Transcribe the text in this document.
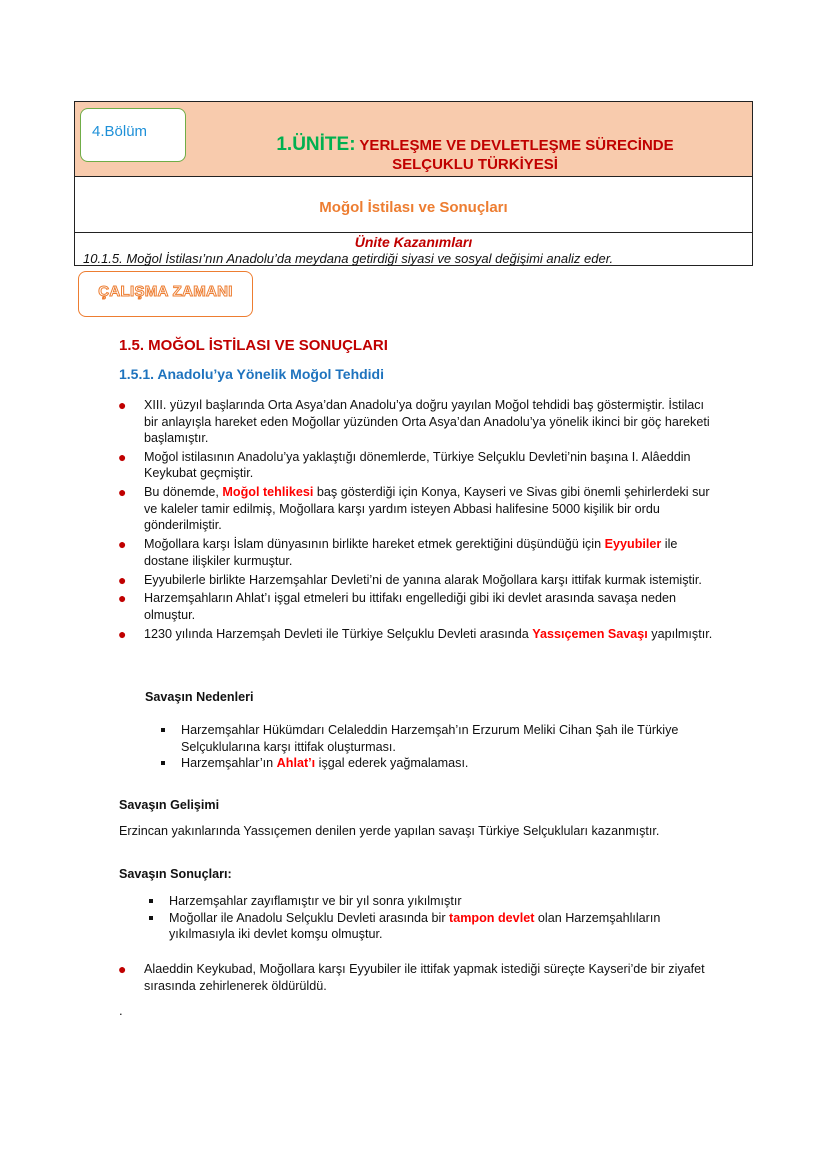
4.Bölüm
1.ÜNİTE: YERLEŞME VE DEVLETLEŞME SÜRECİNDE
SELÇUKLU TÜRKİYESİ
Moğol İstilası ve Sonuçları
Ünite Kazanımları
10.1.5. Moğol İstilası’nın Anadolu’da meydana getirdiği siyasi ve sosyal değişimi analiz eder.
ÇALIŞMA ZAMANI
1.5. MOĞOL İSTİLASI VE SONUÇLARI
1.5.1. Anadolu’ya Yönelik Moğol Tehdidi
● XIII. yüzyıl başlarında Orta Asya’dan Anadolu’ya doğru yayılan Moğol tehdidi baş göstermiştir. İstilacı bir anlayışla hareket eden Moğollar yüzünden Orta Asya’dan Anadolu’ya yönelik ikinci bir göç hareketi başlamıştır.
● Moğol istilasının Anadolu’ya yaklaştığı dönemlerde, Türkiye Selçuklu Devleti’nin başına I. Alâeddin Keykubat geçmiştir.
● Bu dönemde, Moğol tehlikesi baş gösterdiği için Konya, Kayseri ve Sivas gibi önemli şehirlerdeki sur ve kaleler tamir edilmiş, Moğollara karşı yardım isteyen Abbasi halifesine 5000 kişilik bir ordu gönderilmiştir.
● Moğollara karşı İslam dünyasının birlikte hareket etmek gerektiğini düşündüğü için Eyyubiler ile dostane ilişkiler kurmuştur.
● Eyyubilerle birlikte Harzemşahlar Devleti’ni de yanına alarak Moğollara karşı ittifak kurmak istemiştir.
● Harzemşahların Ahlat’ı işgal etmeleri bu ittifakı engellediği gibi iki devlet arasında savaşa neden olmuştur.
● 1230 yılında Harzemşah Devleti ile Türkiye Selçuklu Devleti arasında Yassıçemen Savaşı yapılmıştır.
Savaşın Nedenleri
Harzemşahlar Hükümdarı Celaleddin Harzemşah’ın Erzurum Meliki Cihan Şah ile Türkiye Selçuklularına karşı ittifak oluşturması.
Harzemşahlar’ın Ahlat’ı işgal ederek yağmalaması.
Savaşın Gelişimi
Erzincan yakınlarında Yassıçemen denilen yerde yapılan savaşı Türkiye Selçukluları kazanmıştır.
Savaşın Sonuçları:
Harzemşahlar zayıflamıştır ve bir yıl sonra yıkılmıştır
Moğollar ile Anadolu Selçuklu Devleti arasında bir tampon devlet olan Harzemşahlıların yıkılmasıyla iki devlet komşu olmuştur.
● Alaeddin Keykubad, Moğollara karşı Eyyubiler ile ittifak yapmak istediği süreçte Kayseri’de bir ziyafet sırasında zehirlenerek öldürüldü.
.
